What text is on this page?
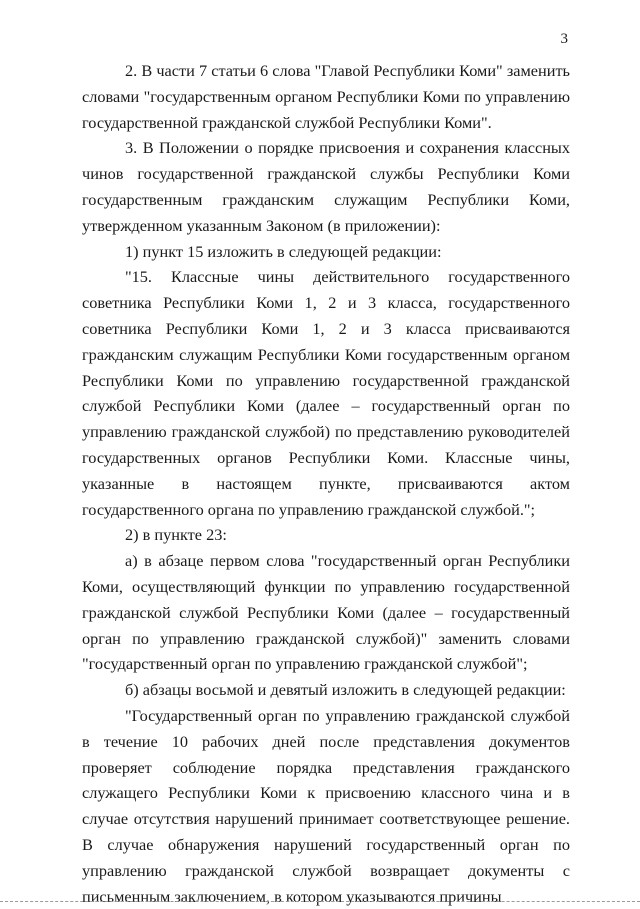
3

2. В части 7 статьи 6 слова "Главой Республики Коми" заменить словами "государственным органом Республики Коми по управлению государственной гражданской службой Республики Коми".

3. В Положении о порядке присвоения и сохранения классных чинов государственной гражданской службы Республики Коми государственным гражданским служащим Республики Коми, утвержденном указанным Законом (в приложении):

1) пункт 15 изложить в следующей редакции:

"15. Классные чины действительного государственного советника Республики Коми 1, 2 и 3 класса, государственного советника Республики Коми 1, 2 и 3 класса присваиваются гражданским служащим Республики Коми государственным органом Республики Коми по управлению государственной гражданской службой Республики Коми (далее – государственный орган по управлению гражданской службой) по представлению руководителей государственных органов Республики Коми. Классные чины, указанные в настоящем пункте, присваиваются актом государственного органа по управлению гражданской службой.";

2) в пункте 23:

а) в абзаце первом слова "государственный орган Республики Коми, осуществляющий функции по управлению государственной гражданской службой Республики Коми (далее – государственный орган по управлению гражданской службой)" заменить словами "государственный орган по управлению гражданской службой";

б) абзацы восьмой и девятый изложить в следующей редакции:

"Государственный орган по управлению гражданской службой в течение 10 рабочих дней после представления документов проверяет соблюдение порядка представления гражданского служащего Республики Коми к присвоению классного чина и в случае отсутствия нарушений принимает соответствующее решение. В случае обнаружения нарушений государственный орган по управлению гражданской службой возвращает документы с письменным заключением, в котором указываются причины
